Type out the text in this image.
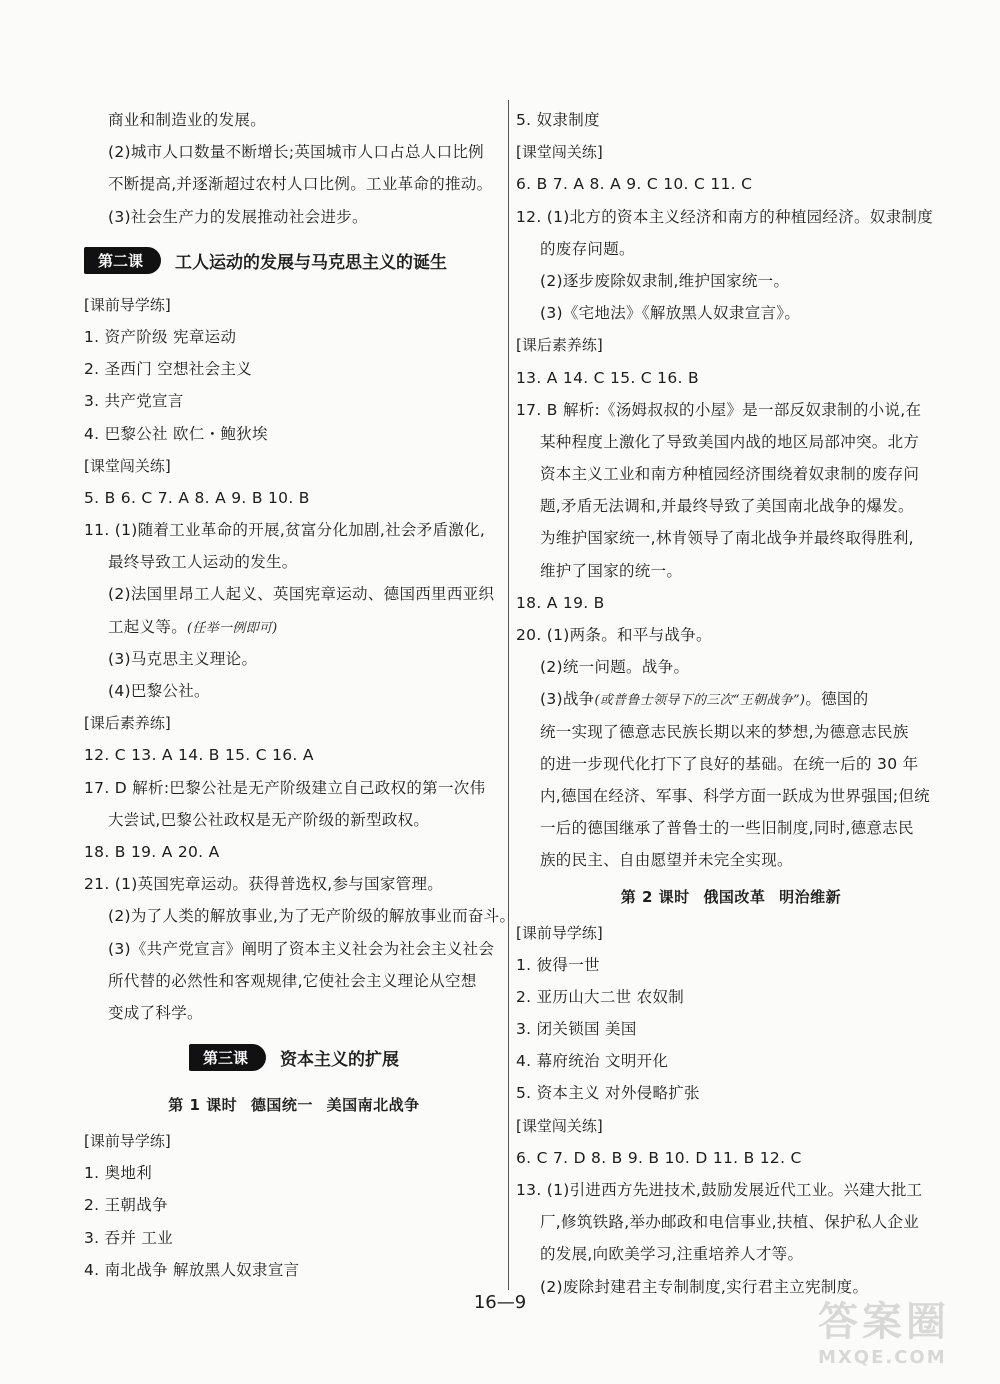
商业和制造业的发展。
(2)城市人口数量不断增长;英国城市人口占总人口比例
不断提高,并逐渐超过农村人口比例。工业革命的推动。
(3)社会生产力的发展推动社会进步。
第二课	工人运动的发展与马克思主义的诞生
[课前导学练]
1. 资产阶级 宪章运动
2. 圣西门 空想社会主义
3. 共产党宣言
4. 巴黎公社 欧仁・鲍狄埃
[课堂闯关练]
5. B 6. C 7. A 8. A 9. B 10. B
11. (1)随着工业革命的开展,贫富分化加剧,社会矛盾激化,
最终导致工人运动的发生。
(2)法国里昂工人起义、英国宪章运动、德国西里西亚织
工起义等。(任举一例即可)
(3)马克思主义理论。
(4)巴黎公社。
[课后素养练]
12. C 13. A 14. B 15. C 16. A
17. D 解析:巴黎公社是无产阶级建立自己政权的第一次伟
大尝试,巴黎公社政权是无产阶级的新型政权。
18. B 19. A 20. A
21. (1)英国宪章运动。获得普选权,参与国家管理。
(2)为了人类的解放事业,为了无产阶级的解放事业而奋斗。
(3)《共产党宣言》阐明了资本主义社会为社会主义社会
所代替的必然性和客观规律,它使社会主义理论从空想
变成了科学。
第三课	资本主义的扩展
第 1 课时 德国统一 美国南北战争
[课前导学练]
1. 奥地利
2. 王朝战争
3. 吞并 工业
4. 南北战争 解放黑人奴隶宣言
5. 奴隶制度
[课堂闯关练]
6. B 7. A 8. A 9. C 10. C 11. C
12. (1)北方的资本主义经济和南方的种植园经济。奴隶制度
的废存问题。
(2)逐步废除奴隶制,维护国家统一。
(3)《宅地法》《解放黑人奴隶宣言》。
[课后素养练]
13. A 14. C 15. C 16. B
17. B 解析:《汤姆叔叔的小屋》是一部反奴隶制的小说,在
某种程度上激化了导致美国内战的地区局部冲突。北方
资本主义工业和南方种植园经济围绕着奴隶制的废存问
题,矛盾无法调和,并最终导致了美国南北战争的爆发。
为维护国家统一,林肯领导了南北战争并最终取得胜利,
维护了国家的统一。
18. A 19. B
20. (1)两条。和平与战争。
(2)统一问题。战争。
(3)战争(或普鲁士领导下的三次“王朝战争”)。德国的
统一实现了德意志民族长期以来的梦想,为德意志民族
的进一步现代化打下了良好的基础。在统一后的 30 年
内,德国在经济、军事、科学方面一跃成为世界强国;但统
一后的德国继承了普鲁士的一些旧制度,同时,德意志民
族的民主、自由愿望并未完全实现。
第 2 课时 俄国改革 明治维新
[课前导学练]
1. 彼得一世
2. 亚历山大二世 农奴制
3. 闭关锁国 美国
4. 幕府统治 文明开化
5. 资本主义 对外侵略扩张
[课堂闯关练]
6. C 7. D 8. B 9. B 10. D 11. B 12. C
13. (1)引进西方先进技术,鼓励发展近代工业。兴建大批工
厂,修筑铁路,举办邮政和电信事业,扶植、保护私人企业
的发展,向欧美学习,注重培养人才等。
(2)废除封建君主专制制度,实行君主立宪制度。
16—9	答案圈
MXQE.COM
